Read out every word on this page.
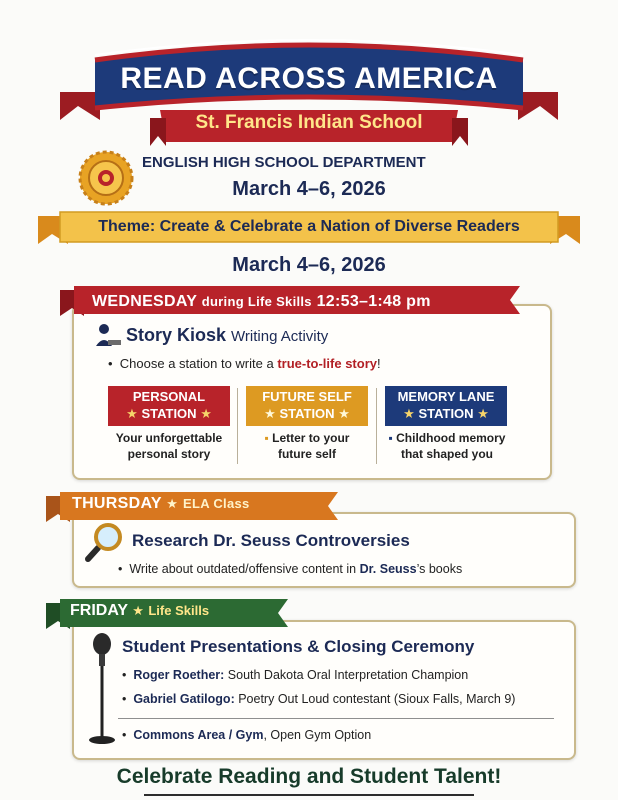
READ ACROSS AMERICA
St. Francis Indian School
ENGLISH HIGH SCHOOL DEPARTMENT
March 4–6, 2026
Theme: Create & Celebrate a Nation of Diverse Readers
March 4–6, 2026
WEDNESDAY during Life Skills 12:53–1:48 pm
Story Kiosk Writing Activity
•  Choose a station to write a true-to-life story!
PERSONAL
★ STATION ★
FUTURE SELF
★ STATION ★
MEMORY LANE
★ STATION ★
Your unforgettable
personal story
▪ Letter to your
future self
▪ Childhood memory
that shaped you
THURSDAY ★ ELA Class
Research Dr. Seuss Controversies
•  Write about outdated/offensive content in Dr. Seuss’s books
FRIDAY ★ Life Skills
Student Presentations & Closing Ceremony
•  Roger Roether: South Dakota Oral Interpretation Champion
•  Gabriel Gatilogo: Poetry Out Loud contestant (Sioux Falls, March 9)
•  Commons Area / Gym, Open Gym Option
Celebrate Reading and Student Talent!
